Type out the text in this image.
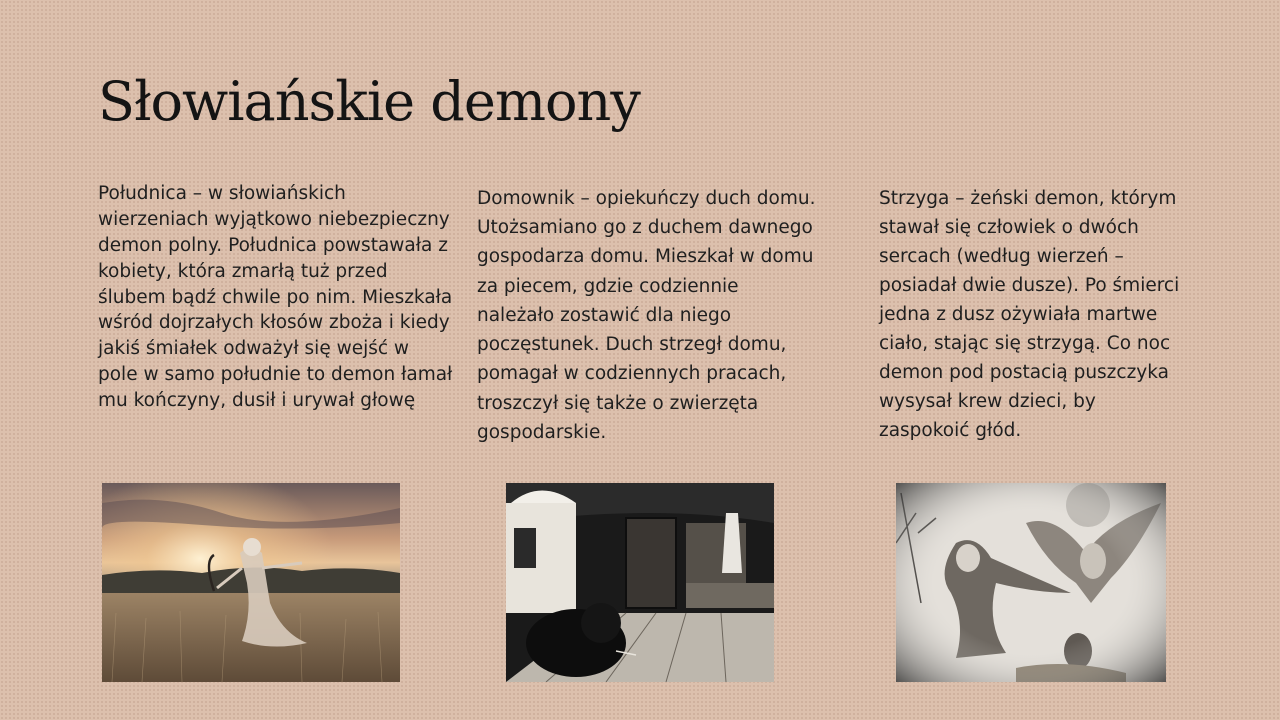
Słowiańskie demony

Południca – w słowiańskich wierzeniach wyjątkowo niebezpieczny demon polny. Południca powstawała z kobiety, która zmarłą tuż przed ślubem bądź chwile po nim. Mieszkała wśród dojrzałych kłosów zboża i kiedy jakiś śmiałek odważył się wejść w pole w samo południe to demon łamał mu kończyny, dusił i urywał głowę

Domownik – opiekuńczy duch domu. Utożsamiano go z duchem dawnego gospodarza domu. Mieszkał w domu za piecem, gdzie codziennie należało zostawić dla niego poczęstunek. Duch strzegł domu, pomagał w codziennych pracach, troszczył się także o zwierzęta gospodarskie.

Strzyga – żeński demon, którym stawał się człowiek o dwóch sercach (według wierzeń – posiadał dwie dusze). Po śmierci jedna z dusz ożywiała martwe ciało, stając się strzygą. Co noc demon pod postacią puszczyka wysysał krew dzieci, by zaspokoić głód.
